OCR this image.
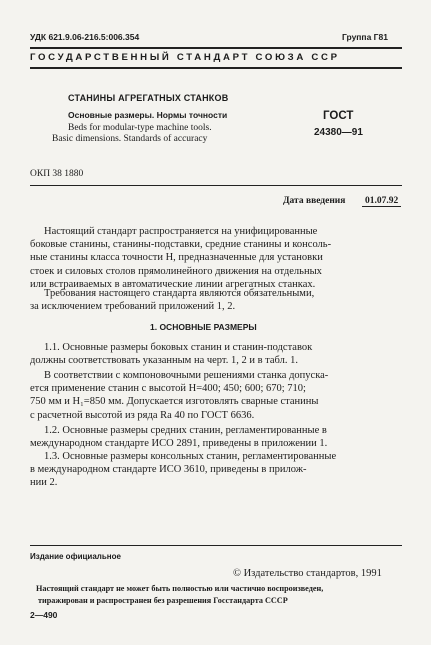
УДК 621.9.06-216.5:006.354	Группа Г81
ГОСУДАРСТВЕННЫЙ СТАНДАРТ СОЮЗА ССР
СТАНИНЫ АГРЕГАТНЫХ СТАНКОВ
Основные размеры. Нормы точности
Beds for modular-type machine tools.
Basic dimensions. Standards of accuracy
ГОСТ
24380—91
ОКП 38 1880
Дата введения	01.07.92
Настоящий стандарт распространяется на унифицированные
боковые станины, станины-подставки, средние станины и консоль-
ные станины класса точности Н, предназначенные для установки
стоек и силовых столов прямолинейного движения на отдельных
или встраиваемых в автоматические линии агрегатных станках.
Требования настоящего стандарта являются обязательными,
за исключением требований приложений 1, 2.
1. ОСНОВНЫЕ РАЗМЕРЫ
1.1. Основные размеры боковых станин и станин-подставок
должны соответствовать указанным на черт. 1, 2 и в табл. 1.
В соответствии с компоновочными решениями станка допуска-
ется применение станин с высотой H=400; 450; 600; 670; 710;
750 мм и H₁=850 мм. Допускается изготовлять сварные станины
с расчетной высотой из ряда Ra 40 по ГОСТ 6636.
1.2. Основные размеры средних станин, регламентированные в
международном стандарте ИСО 2891, приведены в приложении 1.
1.3. Основные размеры консольных станин, регламентированные
в международном стандарте ИСО 3610, приведены в прилож-
нии 2.
Издание официальное
© Издательство стандартов, 1991
Настоящий стандарт не может быть полностью или частично воспроизведен,
тиражирован и распространен без разрешения Госстандарта СССР
2—490
